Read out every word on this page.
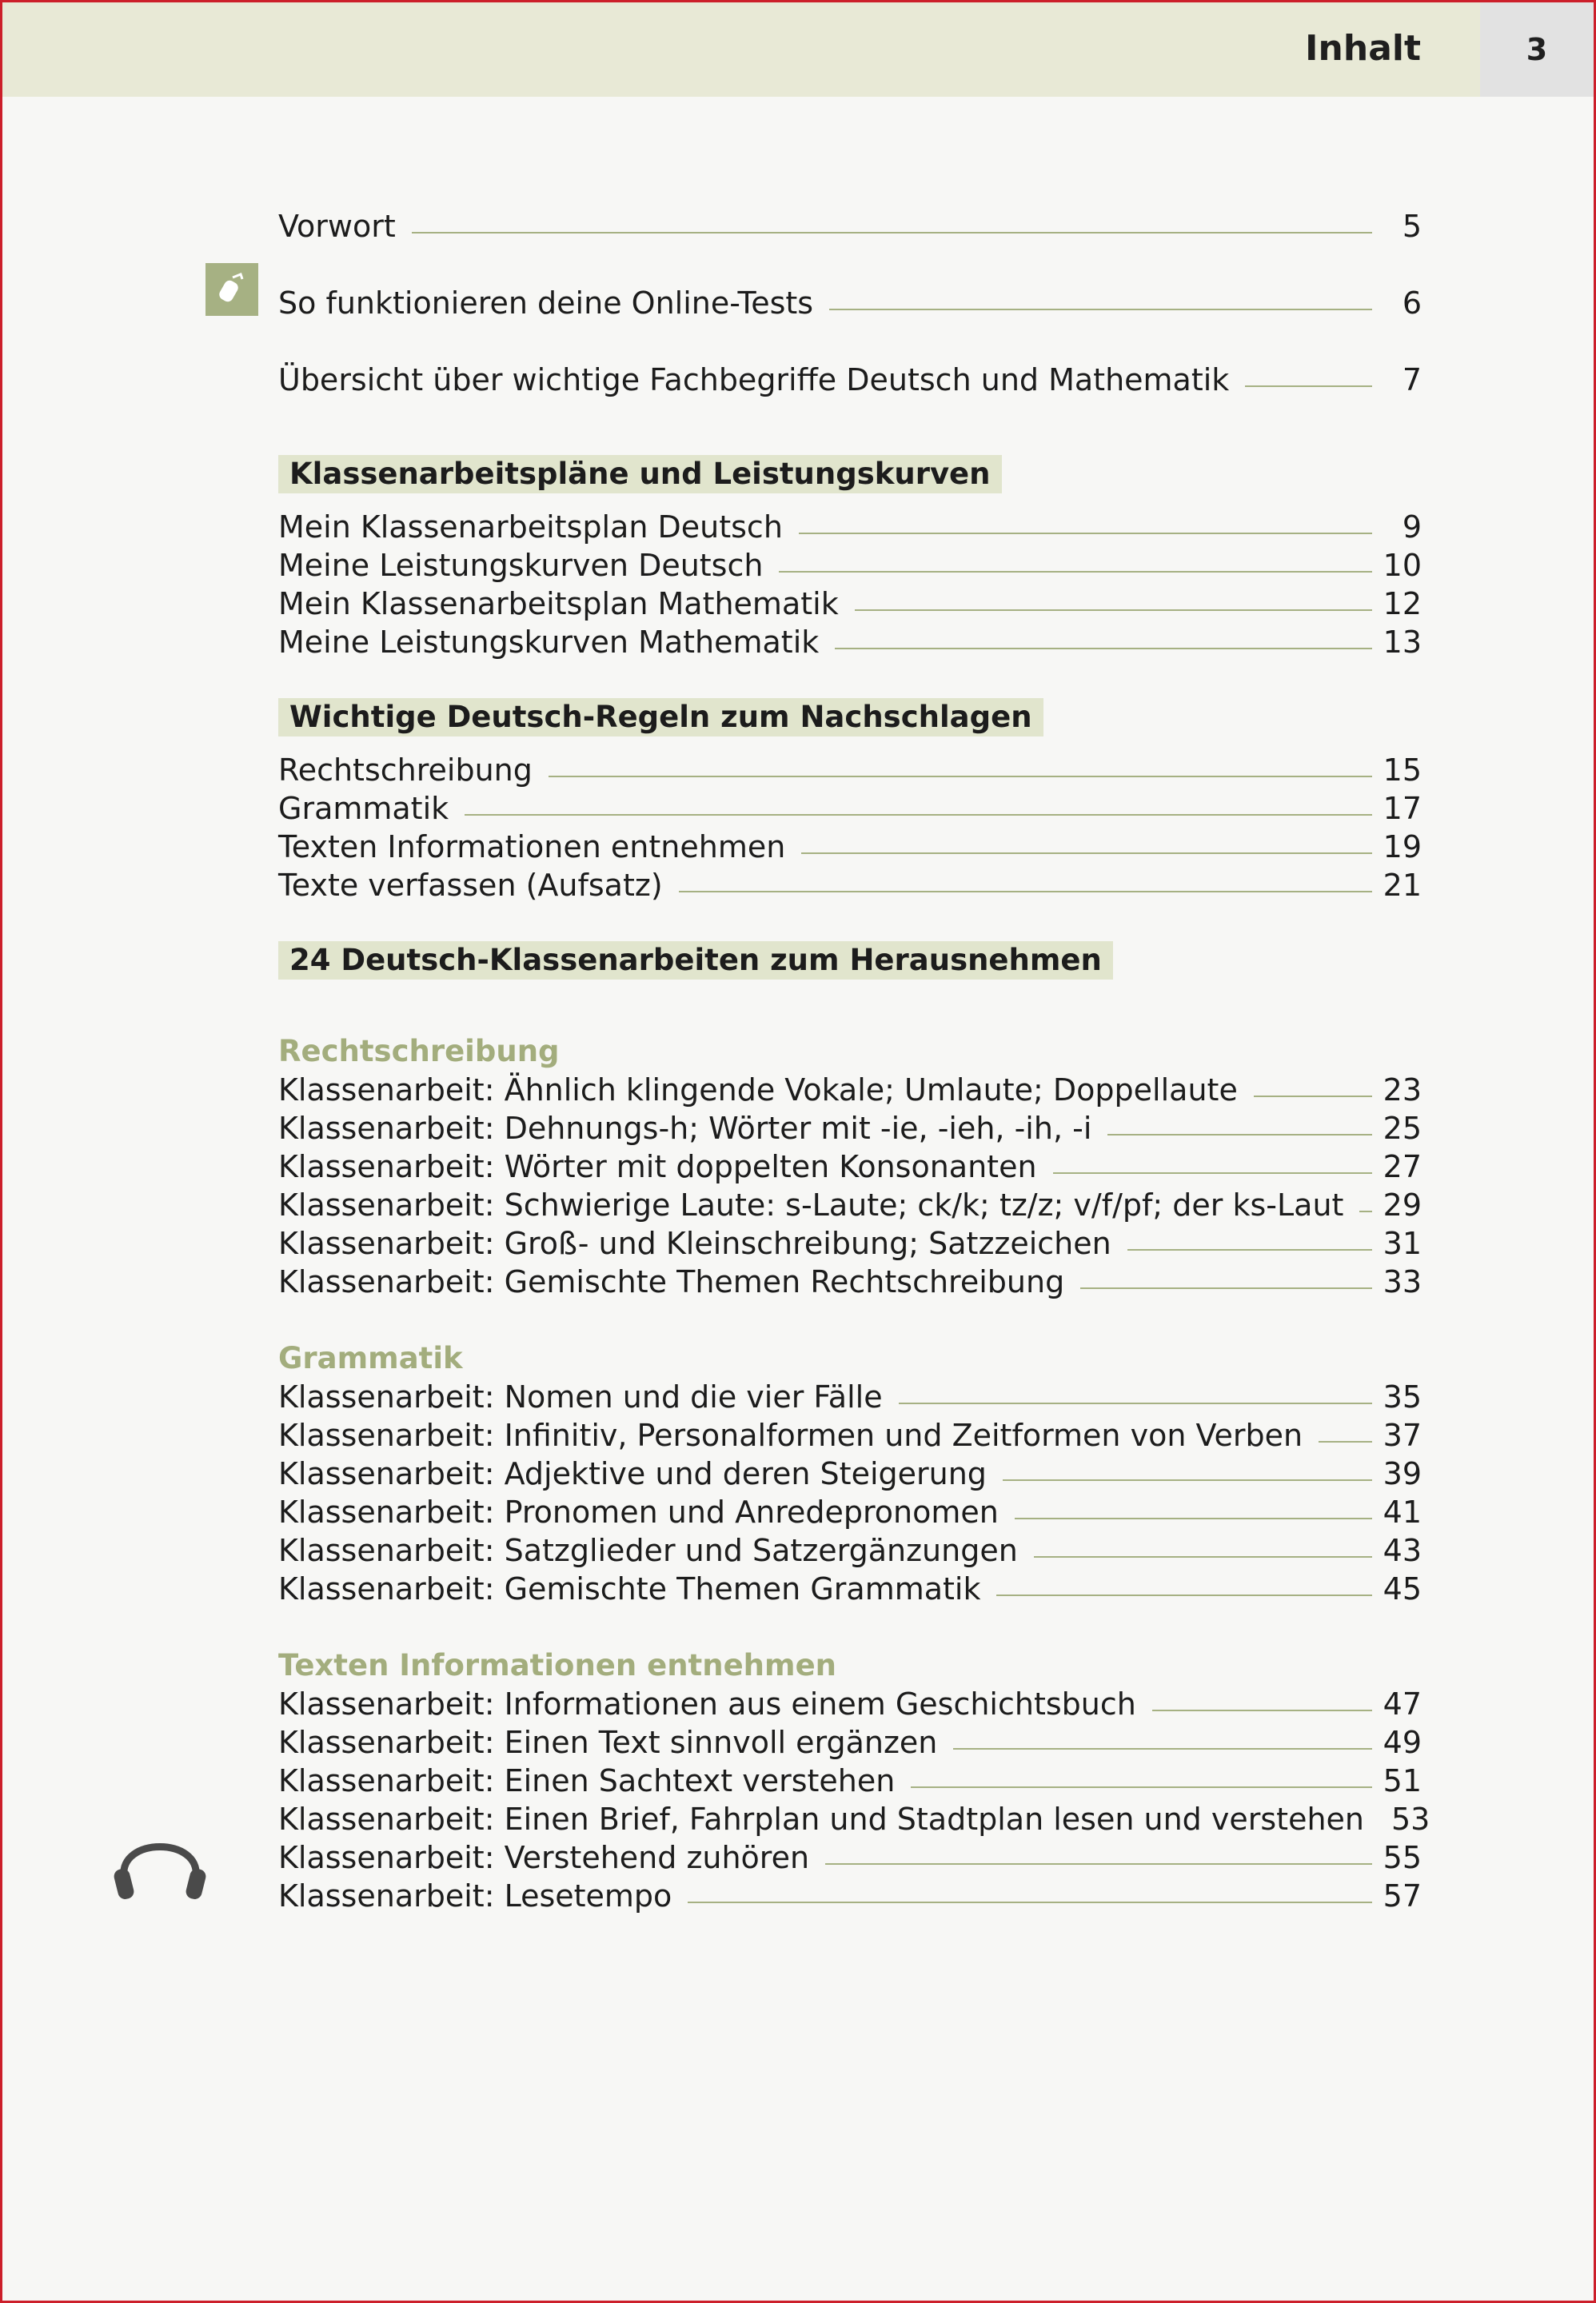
Inhalt	3
Vorwort	5
So funktionieren deine Online-Tests	6
Übersicht über wichtige Fachbegriffe Deutsch und Mathematik	7
Klassenarbeitspläne und Leistungskurven
Mein Klassenarbeitsplan Deutsch	9
Meine Leistungskurven Deutsch	10
Mein Klassenarbeitsplan Mathematik	12
Meine Leistungskurven Mathematik	13
Wichtige Deutsch-Regeln zum Nachschlagen
Rechtschreibung	15
Grammatik	17
Texten Informationen entnehmen	19
Texte verfassen (Aufsatz)	21
24 Deutsch-Klassenarbeiten zum Herausnehmen
Rechtschreibung
Klassenarbeit: Ähnlich klingende Vokale; Umlaute; Doppellaute	23
Klassenarbeit: Dehnungs-h; Wörter mit -ie, -ieh, -ih, -i	25
Klassenarbeit: Wörter mit doppelten Konsonanten	27
Klassenarbeit: Schwierige Laute: s-Laute; ck/k; tz/z; v/f/pf; der ks-Laut 29
Klassenarbeit: Groß- und Kleinschreibung; Satzzeichen	31
Klassenarbeit: Gemischte Themen Rechtschreibung	33
Grammatik
Klassenarbeit: Nomen und die vier Fälle	35
Klassenarbeit: Infinitiv, Personalformen und Zeitformen von Verben	37
Klassenarbeit: Adjektive und deren Steigerung	39
Klassenarbeit: Pronomen und Anredepronomen	41
Klassenarbeit: Satzglieder und Satzergänzungen	43
Klassenarbeit: Gemischte Themen Grammatik	45
Texten Informationen entnehmen
Klassenarbeit: Informationen aus einem Geschichtsbuch	47
Klassenarbeit: Einen Text sinnvoll ergänzen	49
Klassenarbeit: Einen Sachtext verstehen	51
Klassenarbeit: Einen Brief, Fahrplan und Stadtplan lesen und verstehen 53
Klassenarbeit: Verstehend zuhören	55
Klassenarbeit: Lesetempo	57
